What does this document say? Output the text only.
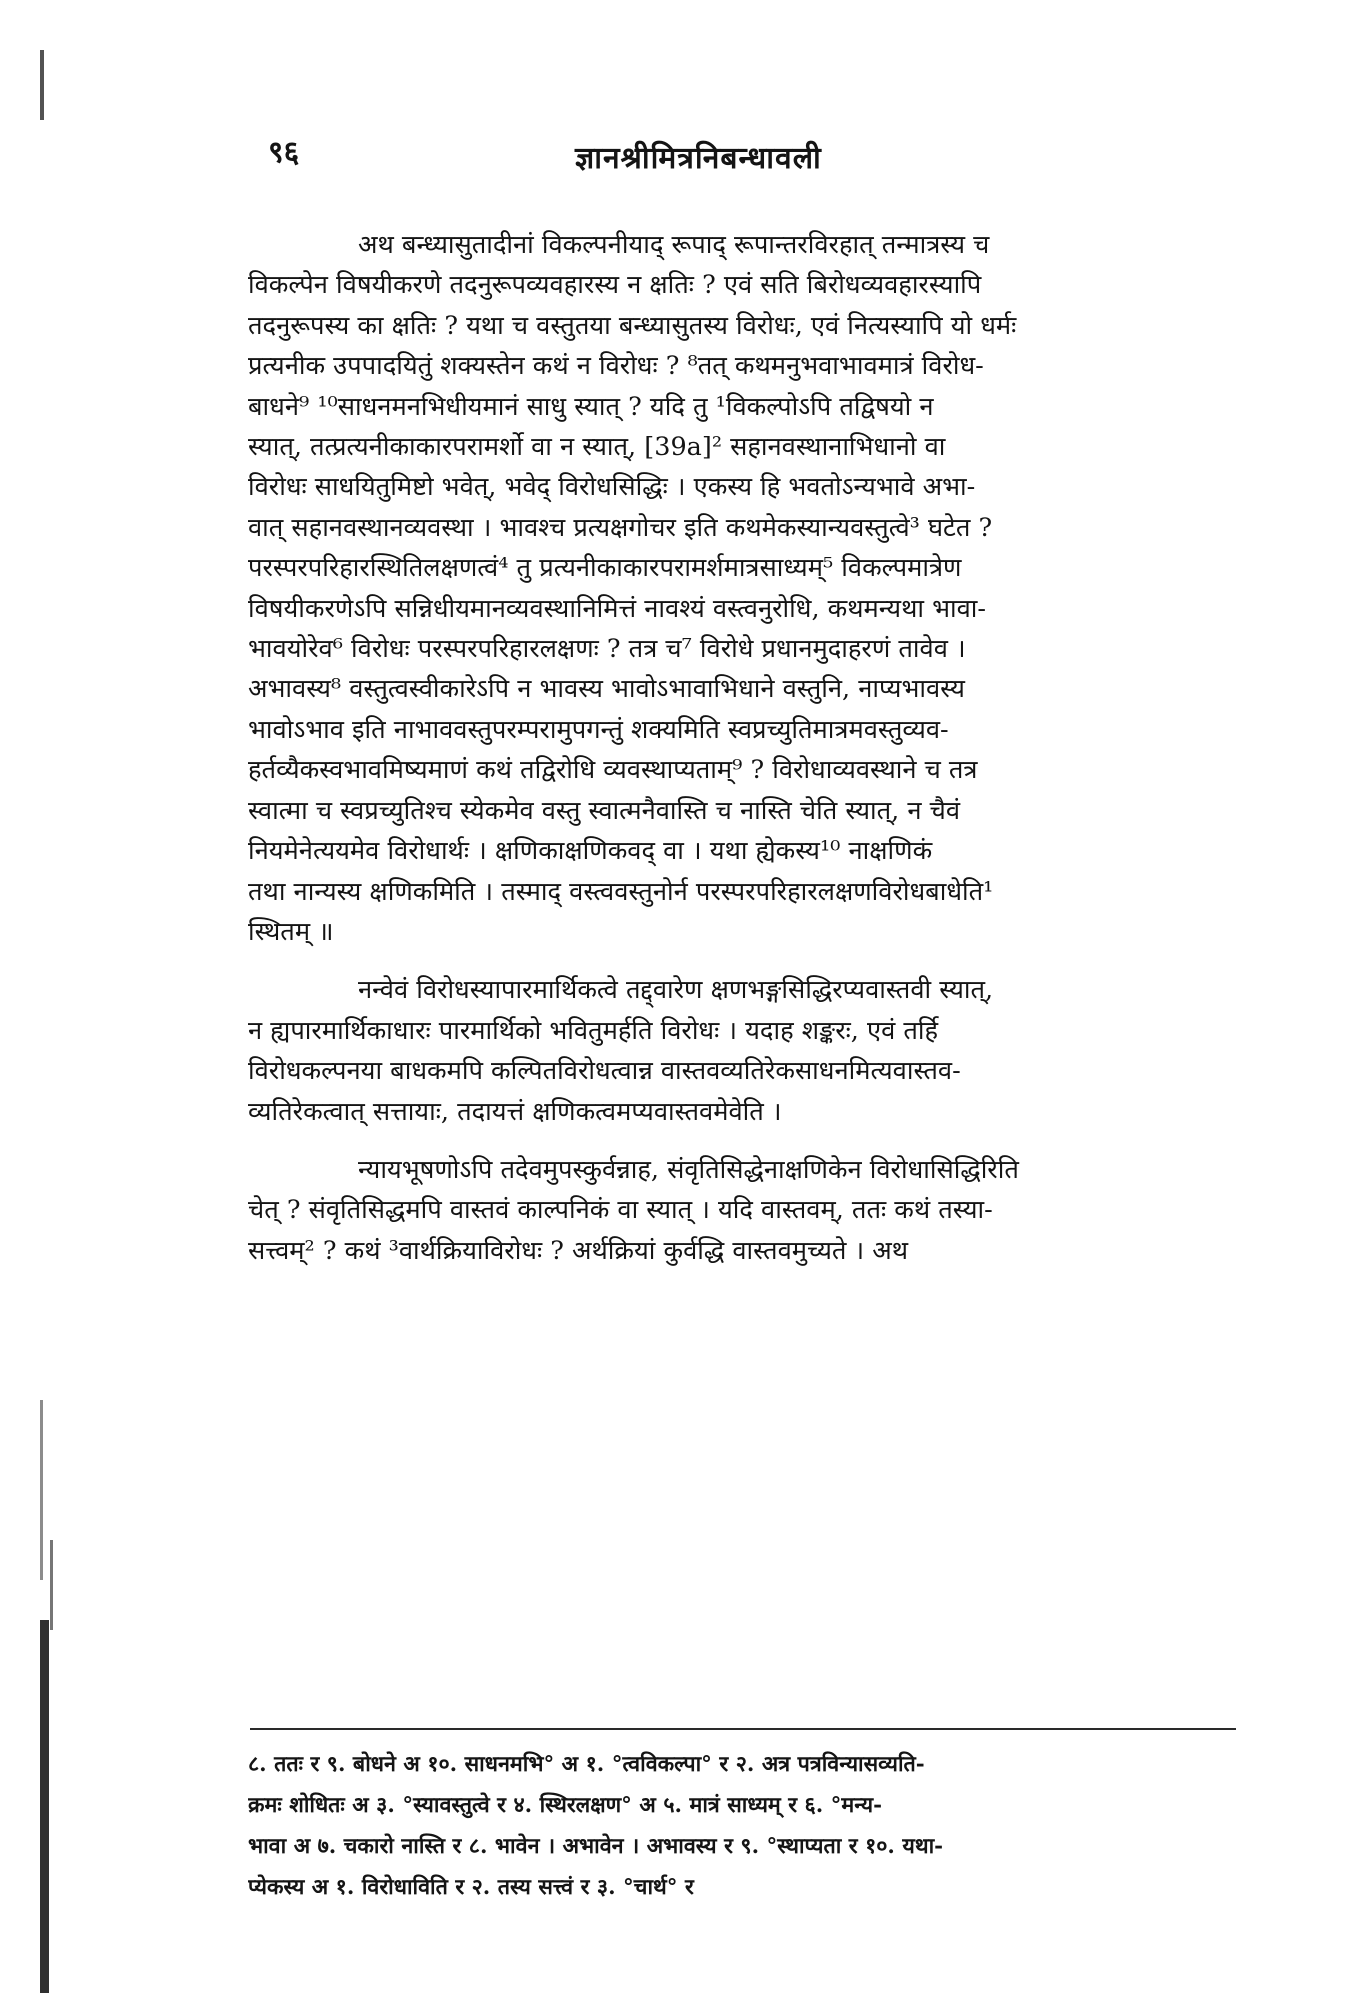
९६	ज्ञानश्रीमित्रनिबन्धावली

अथ बन्ध्यासुतादीनां विकल्पनीयाद् रूपाद् रूपान्तरविरहात् तन्मात्रस्य च
विकल्पेन विषयीकरणे तदनुरूपव्यवहारस्य न क्षतिः ? एवं सति बिरोधव्यवहारस्यापि
तदनुरूपस्य का क्षतिः ? यथा च वस्तुतया बन्ध्यासुतस्य विरोधः, एवं नित्यस्यापि यो धर्मः
प्रत्यनीक उपपादयितुं शक्यस्तेन कथं न विरोधः ? ⁸तत् कथमनुभवाभावमात्रं विरोध-
बाधने⁹ ¹⁰साधनमनभिधीयमानं साधु स्यात् ? यदि तु ¹विकल्पोऽपि तद्विषयो न
स्यात्, तत्प्रत्यनीकाकारपरामर्शो वा न स्यात्, [39a]² सहानवस्थानाभिधानो वा
विरोधः साधयितुमिष्टो भवेत्, भवेद् विरोधसिद्धिः । एकस्य हि भवतोऽन्यभावे अभा-
वात् सहानवस्थानव्यवस्था । भावश्च प्रत्यक्षगोचर इति कथमेकस्यान्यवस्तुत्वे³ घटेत ?
परस्परपरिहारस्थितिलक्षणत्वं⁴ तु प्रत्यनीकाकारपरामर्शमात्रसाध्यम्⁵ विकल्पमात्रेण
विषयीकरणेऽपि सन्निधीयमानव्यवस्थानिमित्तं नावश्यं वस्त्वनुरोधि, कथमन्यथा भावा-
भावयोरेव⁶ विरोधः परस्परपरिहारलक्षणः ? तत्र च⁷ विरोधे प्रधानमुदाहरणं तावेव ।
अभावस्य⁸ वस्तुत्वस्वीकारेऽपि न भावस्य भावोऽभावाभिधाने वस्तुनि, नाप्यभावस्य
भावोऽभाव इति नाभाववस्तुपरम्परामुपगन्तुं शक्यमिति स्वप्रच्युतिमात्रमवस्तुव्यव-
हर्तव्यैकस्वभावमिष्यमाणं कथं तद्विरोधि व्यवस्थाप्यताम्⁹ ? विरोधाव्यवस्थाने च तत्र
स्वात्मा च स्वप्रच्युतिश्च स्येकमेव वस्तु स्वात्मनैवास्ति च नास्ति चेति स्यात्, न चैवं
नियमेनेत्ययमेव विरोधार्थः । क्षणिकाक्षणिकवद् वा । यथा ह्येकस्य¹⁰ नाक्षणिकं
तथा नान्यस्य क्षणिकमिति । तस्माद् वस्त्ववस्तुनोर्न परस्परपरिहारलक्षणविरोधबाधेति¹
स्थितम् ॥

नन्वेवं विरोधस्यापारमार्थिकत्वे तद्द्वारेण क्षणभङ्गसिद्धिरप्यवास्तवी स्यात्,
न ह्यपारमार्थिकाधारः पारमार्थिको भवितुमर्हति विरोधः । यदाह शङ्करः, एवं तर्हि
विरोधकल्पनया बाधकमपि कल्पितविरोधत्वान्न वास्तवव्यतिरेकसाधनमित्यवास्तव-
व्यतिरेकत्वात् सत्तायाः, तदायत्तं क्षणिकत्वमप्यवास्तवमेवेति ।

न्यायभूषणोऽपि तदेवमुपस्कुर्वन्नाह, संवृतिसिद्धेनाक्षणिकेन विरोधासिद्धिरिति
चेत् ? संवृतिसिद्धमपि वास्तवं काल्पनिकं वा स्यात् । यदि वास्तवम्, ततः कथं तस्या-
सत्त्वम्² ? कथं ³वार्थक्रियाविरोधः ? अर्थक्रियां कुर्वद्धि वास्तवमुच्यते । अथ

८. ततः र ९. बोधने अ १०. साधनमभि° अ १. °त्वविकल्पा° र २. अत्र पत्रविन्यासव्यति-
क्रमः शोधितः अ ३. °स्यावस्तुत्वे र ४. स्थिरलक्षण° अ ५. मात्रं साध्यम् र ६. °मन्य-
भावा अ ७. चकारो नास्ति र ८. भावेन । अभावेन । अभावस्य र ९. °स्थाप्यता र १०. यथा-
प्येकस्य अ १. विरोधाविति र २. तस्य सत्त्वं र ३. °चार्थ° र
